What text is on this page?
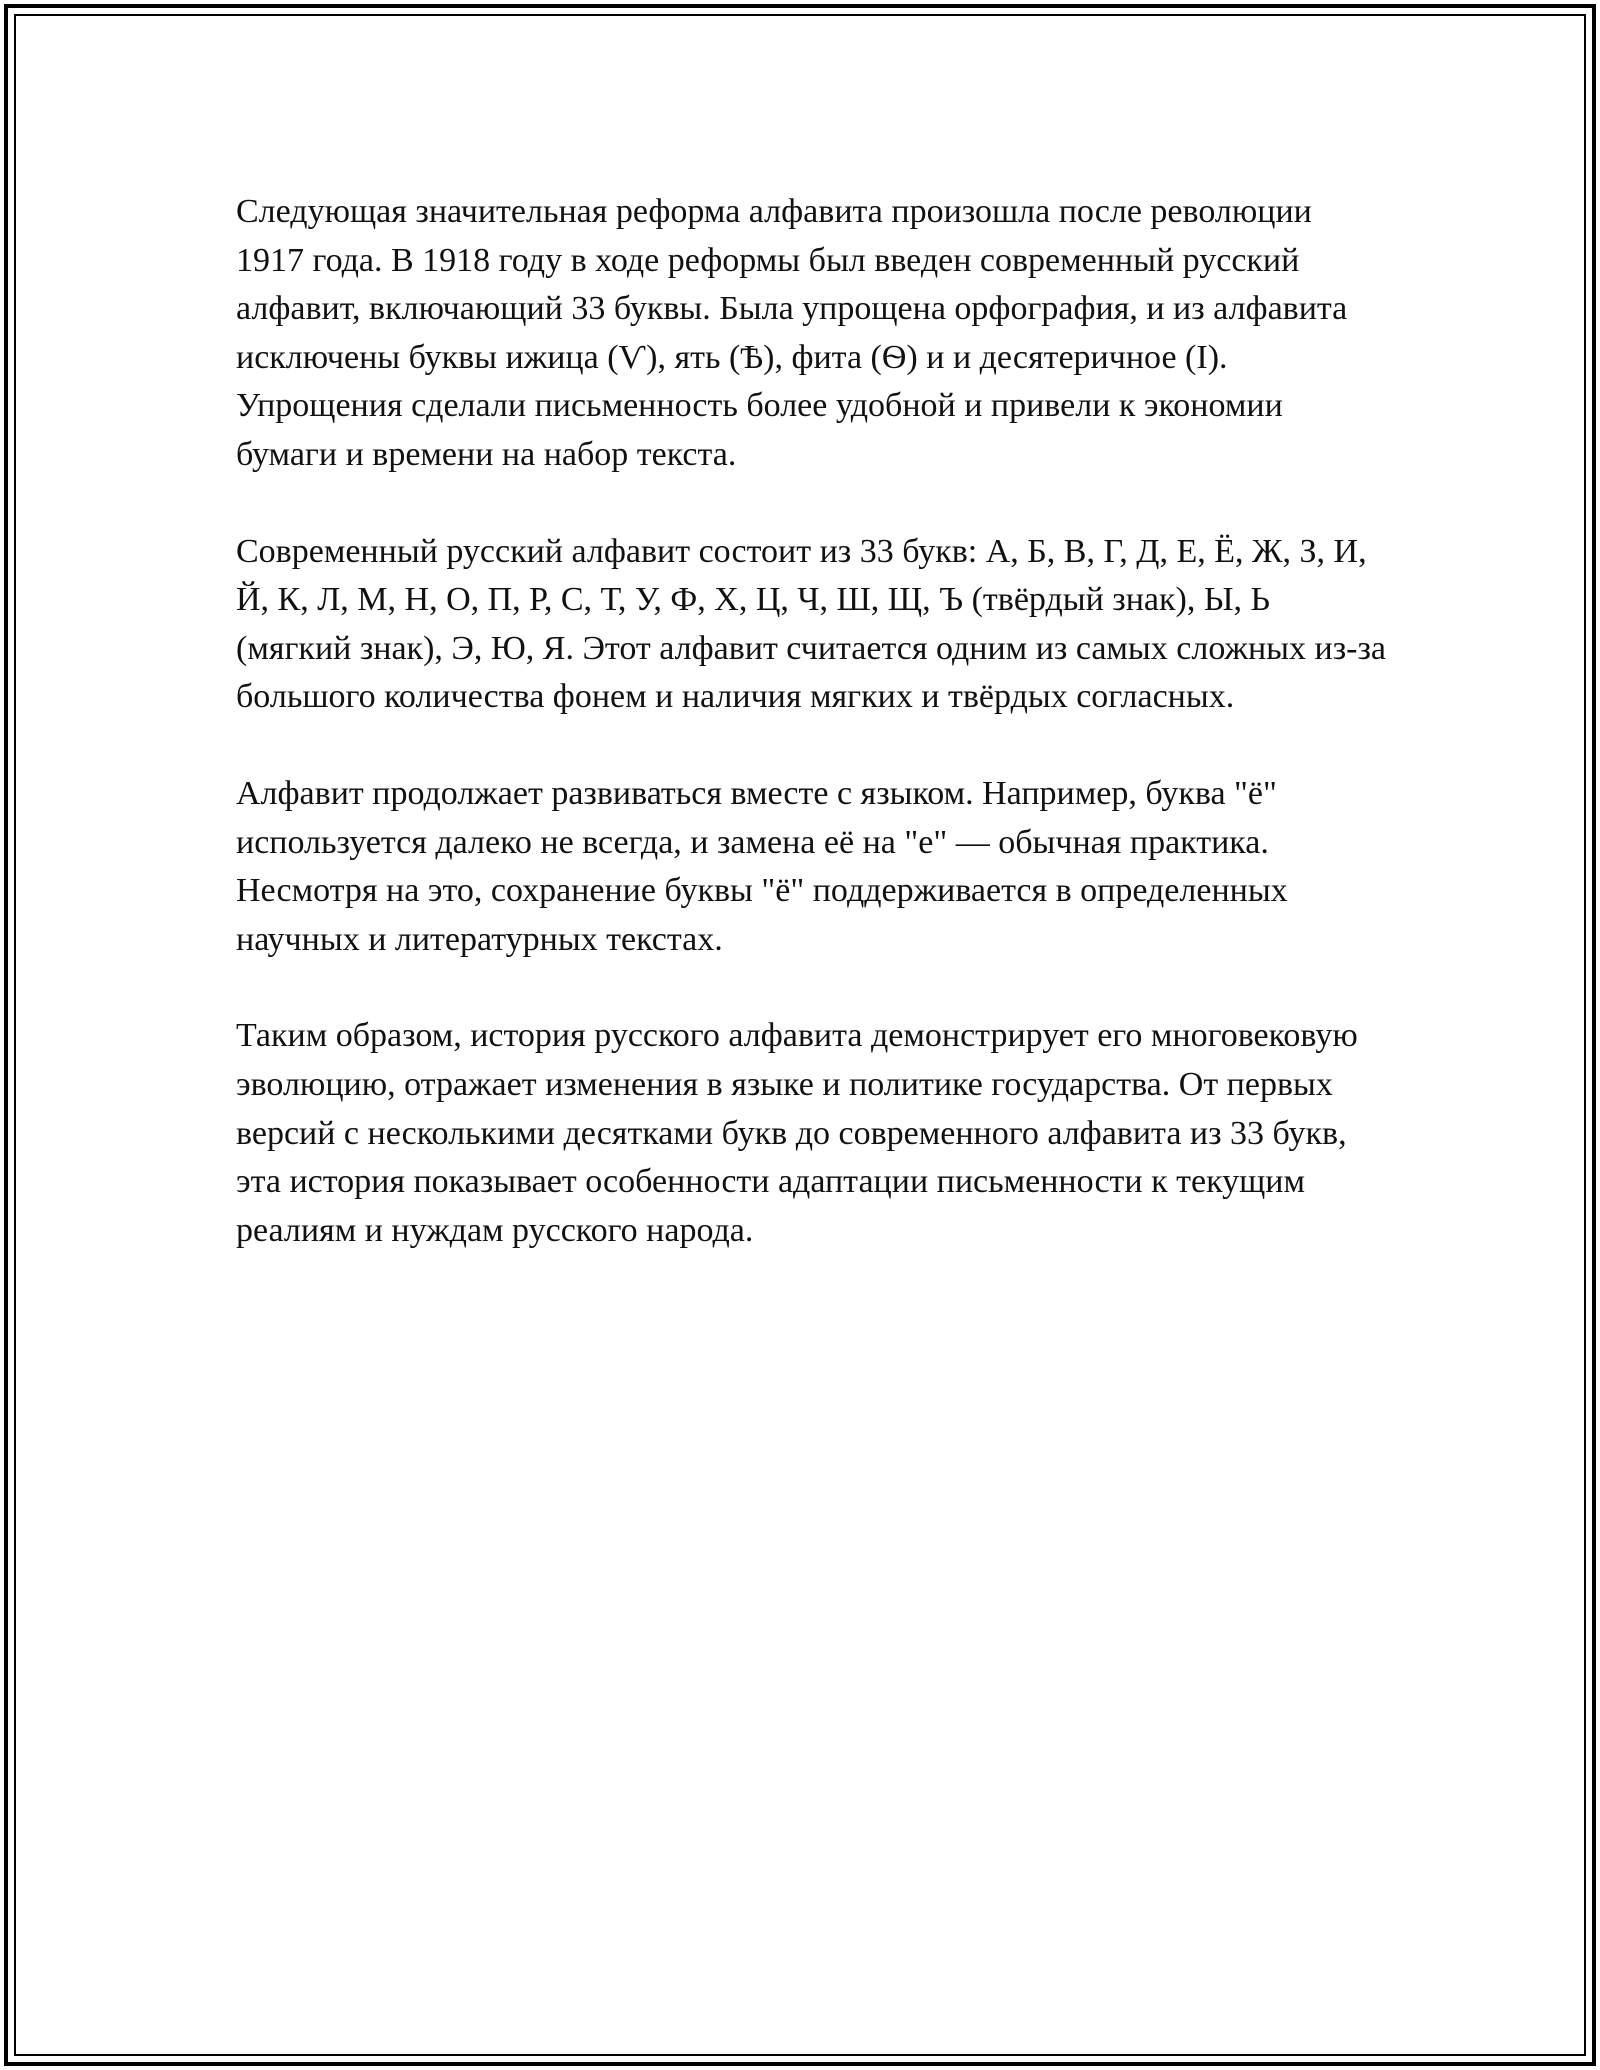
Следующая значительная реформа алфавита произошла после революции 1917 года. В 1918 году в ходе реформы был введен современный русский алфавит, включающий 33 буквы. Была упрощена орфография, и из алфавита исключены буквы ижица (Ѵ), ять (Ѣ), фита (Ѳ) и и десятеричное (І). Упрощения сделали письменность более удобной и привели к экономии бумаги и времени на набор текста.

Современный русский алфавит состоит из 33 букв: А, Б, В, Г, Д, Е, Ё, Ж, З, И, Й, К, Л, М, Н, О, П, Р, С, Т, У, Ф, Х, Ц, Ч, Ш, Щ, Ъ (твёрдый знак), Ы, Ь (мягкий знак), Э, Ю, Я. Этот алфавит считается одним из самых сложных из-за большого количества фонем и наличия мягких и твёрдых согласных.

Алфавит продолжает развиваться вместе с языком. Например, буква "ё" используется далеко не всегда, и замена её на "е" — обычная практика. Несмотря на это, сохранение буквы "ё" поддерживается в определенных научных и литературных текстах.

Таким образом, история русского алфавита демонстрирует его многовековую эволюцию, отражает изменения в языке и политике государства. От первых версий с несколькими десятками букв до современного алфавита из 33 букв, эта история показывает особенности адаптации письменности к текущим реалиям и нуждам русского народа.
